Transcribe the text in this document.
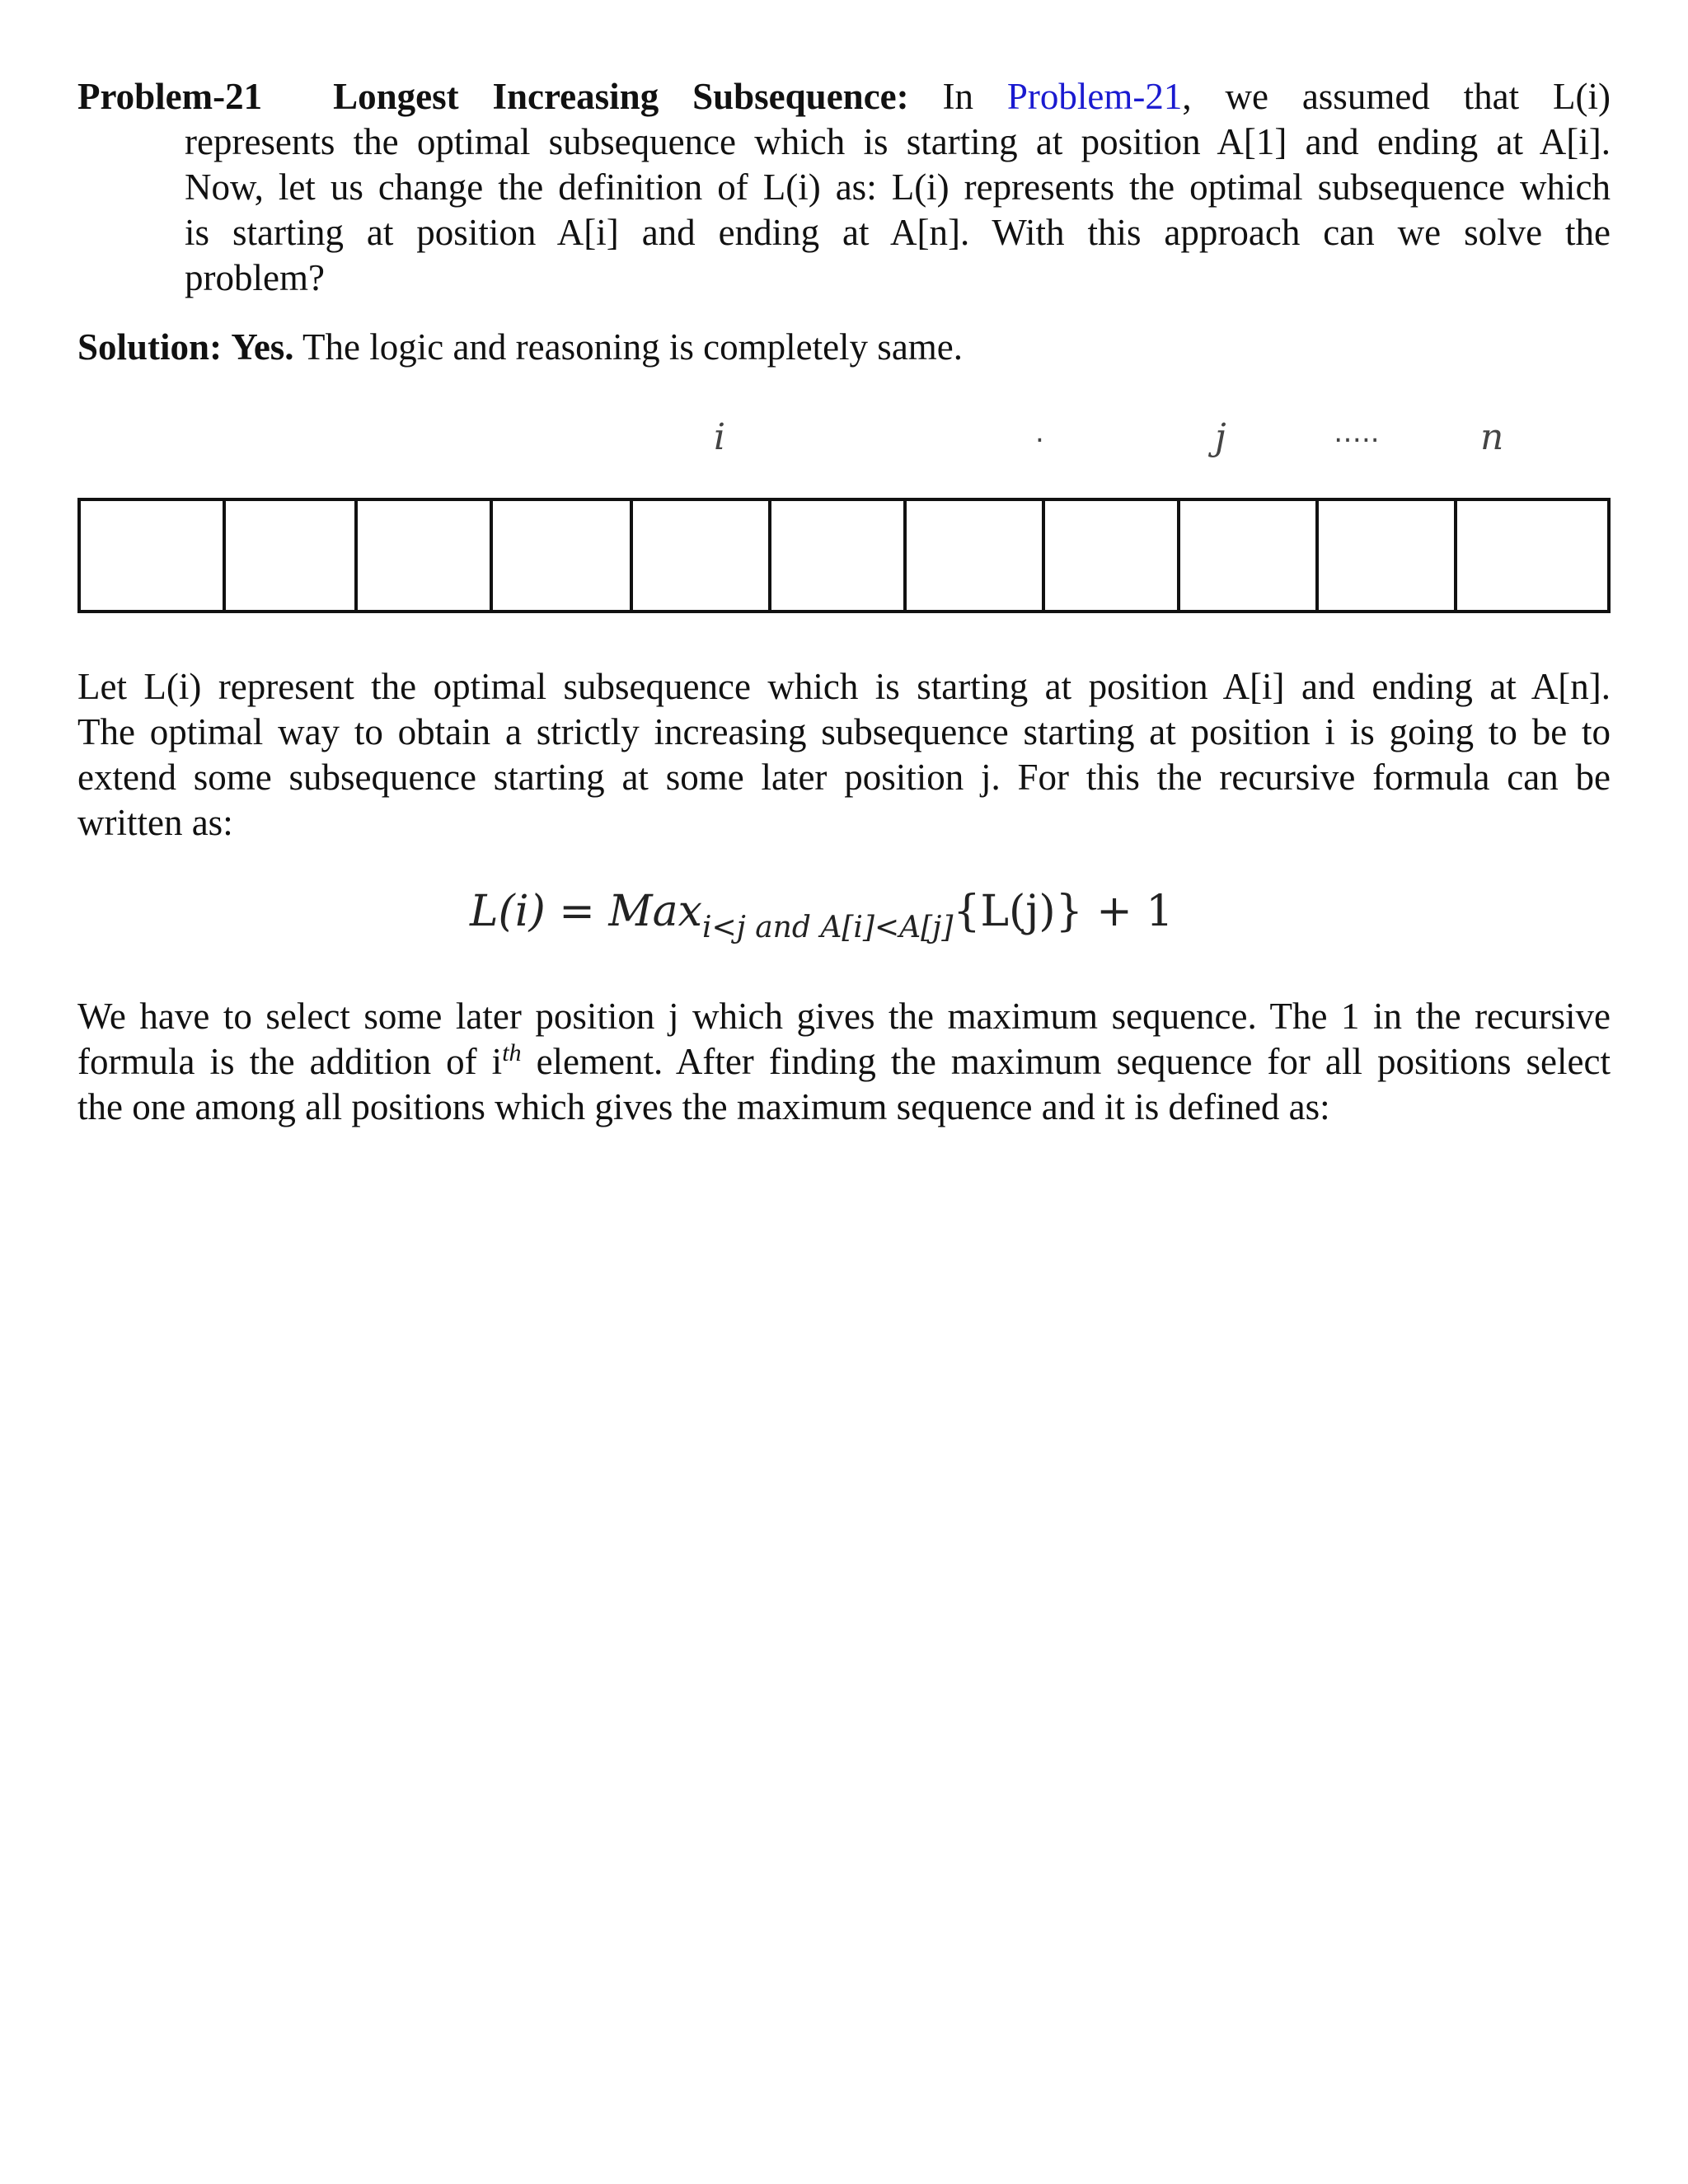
Problem-21 Longest Increasing Subsequence: In Problem-21, we assumed that L(i)
represents the optimal subsequence which is starting at position A[1] and ending at A[i].
Now, let us change the definition of L(i) as: L(i) represents the optimal subsequence which
is starting at position A[i] and ending at A[n]. With this approach can we solve the
problem?
Solution: Yes. The logic and reasoning is completely same.
i	.	j	…..	n
Let L(i) represent the optimal subsequence which is starting at position A[i] and ending at A[n].
The optimal way to obtain a strictly increasing subsequence starting at position i is going to be to
extend some subsequence starting at some later position j. For this the recursive formula can be
written as:
L(i) = Max$_{i<j and A[i]<A[j]}${L(j)} + 1
We have to select some later position j which gives the maximum sequence. The 1 in the recursive
formula is the addition of $i^{th}$ element. After finding the maximum sequence for all positions select
the one among all positions which gives the maximum sequence and it is defined as:
